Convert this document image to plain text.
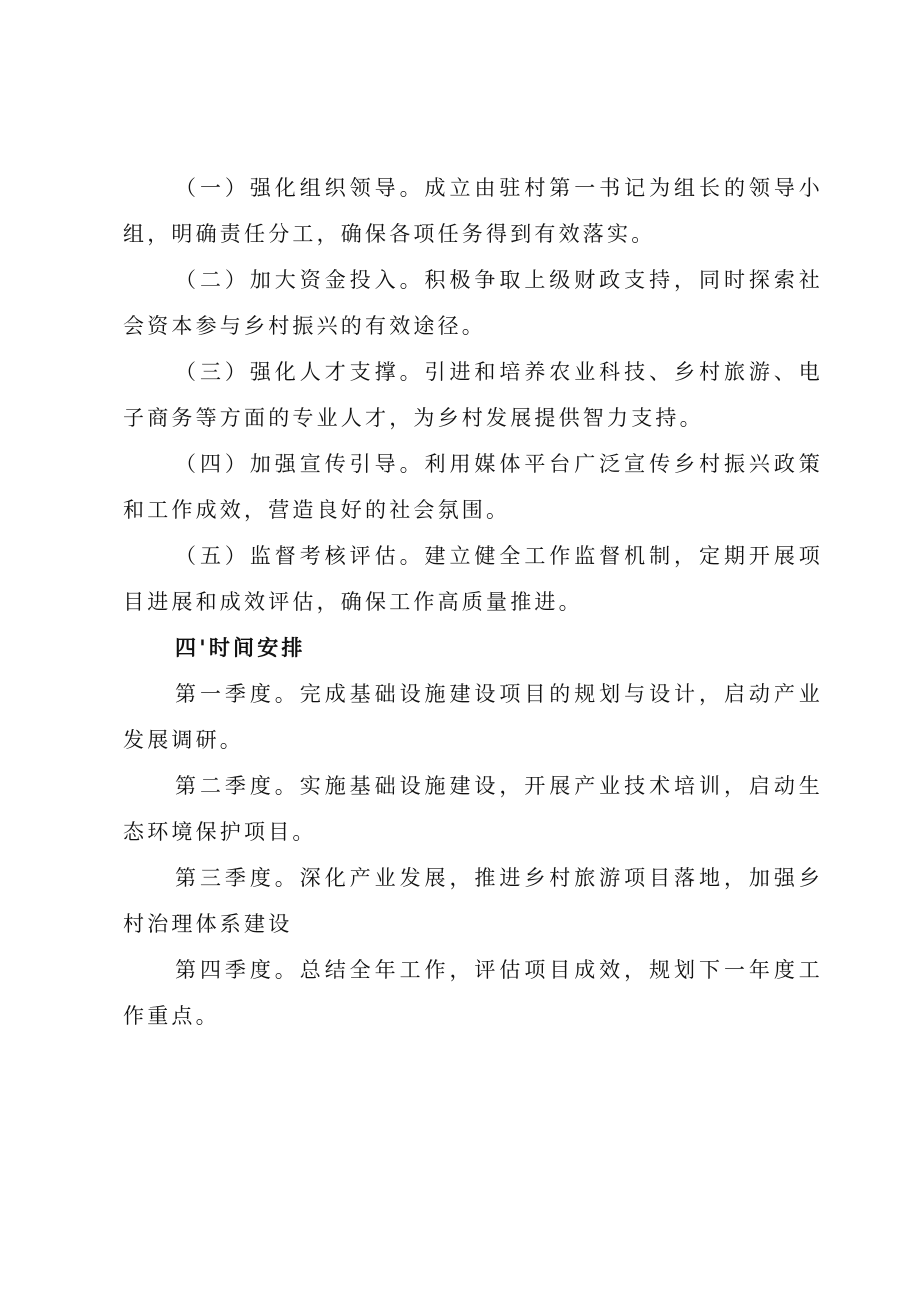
（一）强化组织领导。成立由驻村第一书记为组长的领导小组，明确责任分工，确保各项任务得到有效落实。

（二）加大资金投入。积极争取上级财政支持，同时探索社会资本参与乡村振兴的有效途径。

（三）强化人才支撑。引进和培养农业科技、乡村旅游、电子商务等方面的专业人才，为乡村发展提供智力支持。

（四）加强宣传引导。利用媒体平台广泛宣传乡村振兴政策和工作成效，营造良好的社会氛围。

（五）监督考核评估。建立健全工作监督机制，定期开展项目进展和成效评估，确保工作高质量推进。

四'时间安排

第一季度。完成基础设施建设项目的规划与设计，启动产业发展调研。

第二季度。实施基础设施建设，开展产业技术培训，启动生态环境保护项目。

第三季度。深化产业发展，推进乡村旅游项目落地，加强乡村治理体系建设

第四季度。总结全年工作，评估项目成效，规划下一年度工作重点。
